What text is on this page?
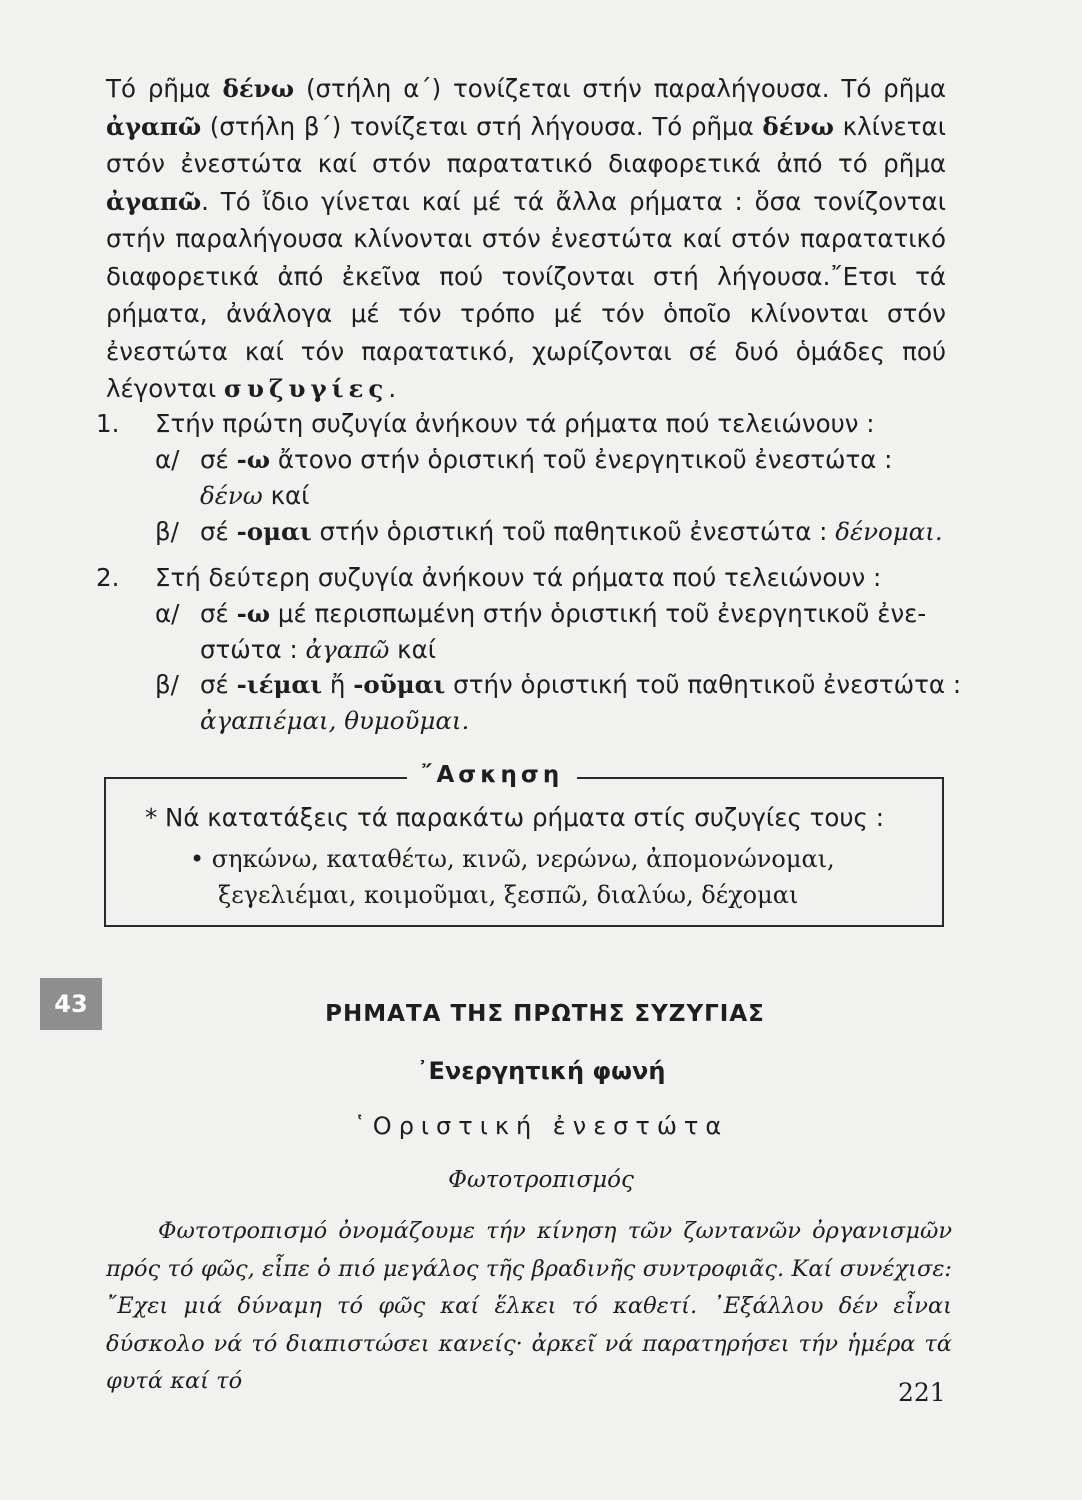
Τό ρῆμα δένω (στήλη α΄) τονίζεται στήν παραλήγουσα. Τό ρῆμα ἀγαπῶ (στήλη β΄) τονίζεται στή λήγουσα. Τό ρῆμα δένω κλίνεται στόν ἐνεστώτα καί στόν παρατατικό διαφορετικά ἀπό τό ρῆμα ἀγαπῶ. Τό ἴδιο γίνεται καί μέ τά ἄλλα ρήματα : ὅσα τονίζονται στήν παραλήγουσα κλίνονται στόν ἐνεστώτα καί στόν παρατατικό διαφορετικά ἀπό ἐκεῖνα πού τονίζονται στή λήγουσα.῎Ετσι τά ρήματα, ἀνάλογα μέ τόν τρόπο μέ τόν ὁποῖο κλίνονται στόν ἐνεστώτα καί τόν παρατατικό, χωρίζονται σέ δυό ὁμάδες πού λέγονται συζυγίες.

1. Στήν πρώτη συζυγία ἀνήκουν τά ρήματα πού τελειώνουν :
α/ σέ -ω ἄτονο στήν ὁριστική τοῦ ἐνεργητικοῦ ἐνεστώτα :
δένω καί
β/ σέ -ομαι στήν ὁριστική τοῦ παθητικοῦ ἐνεστώτα : δένομαι.
2. Στή δεύτερη συζυγία ἀνήκουν τά ρήματα πού τελειώνουν :
α/ σέ -ω μέ περισπωμένη στήν ὁριστική τοῦ ἐνεργητικοῦ ἐνε-
στώτα : ἀγαπῶ καί
β/ σέ -ιέμαι ἤ -οῦμαι στήν ὁριστική τοῦ παθητικοῦ ἐνεστώτα :
ἀγαπιέμαι, θυμοῦμαι.
῎Ασκηση
* Νά κατατάξεις τά παρακάτω ρήματα στίς συζυγίες τους :
• σηκώνω, καταθέτω, κινῶ, νερώνω, ἀπομονώνομαι,
ξεγελιέμαι, κοιμοῦμαι, ξεσπῶ, διαλύω, δέχομαι
43	ΡΗΜΑΤΑ ΤΗΣ ΠΡΩΤΗΣ ΣΥΖΥΓΙΑΣ
᾿Ενεργητική φωνή
῾Οριστική ἐνεστώτα
Φωτοτροπισμός

Φωτοτροπισμό ὀνομάζουμε τήν κίνηση τῶν ζωντανῶν ὀργανισμῶν πρός τό φῶς, εἶπε ὁ πιό μεγάλος τῆς βραδινῆς συντροφιᾶς. Καί συνέχισε: ῎Εχει μιά δύναμη τό φῶς καί ἕλκει τό καθετί. ᾿Εξάλλου δέν εἶναι δύσκολο νά τό διαπιστώσει κανείς· ἀρκεῖ νά παρατηρήσει τήν ἡμέρα τά φυτά καί τό	221
